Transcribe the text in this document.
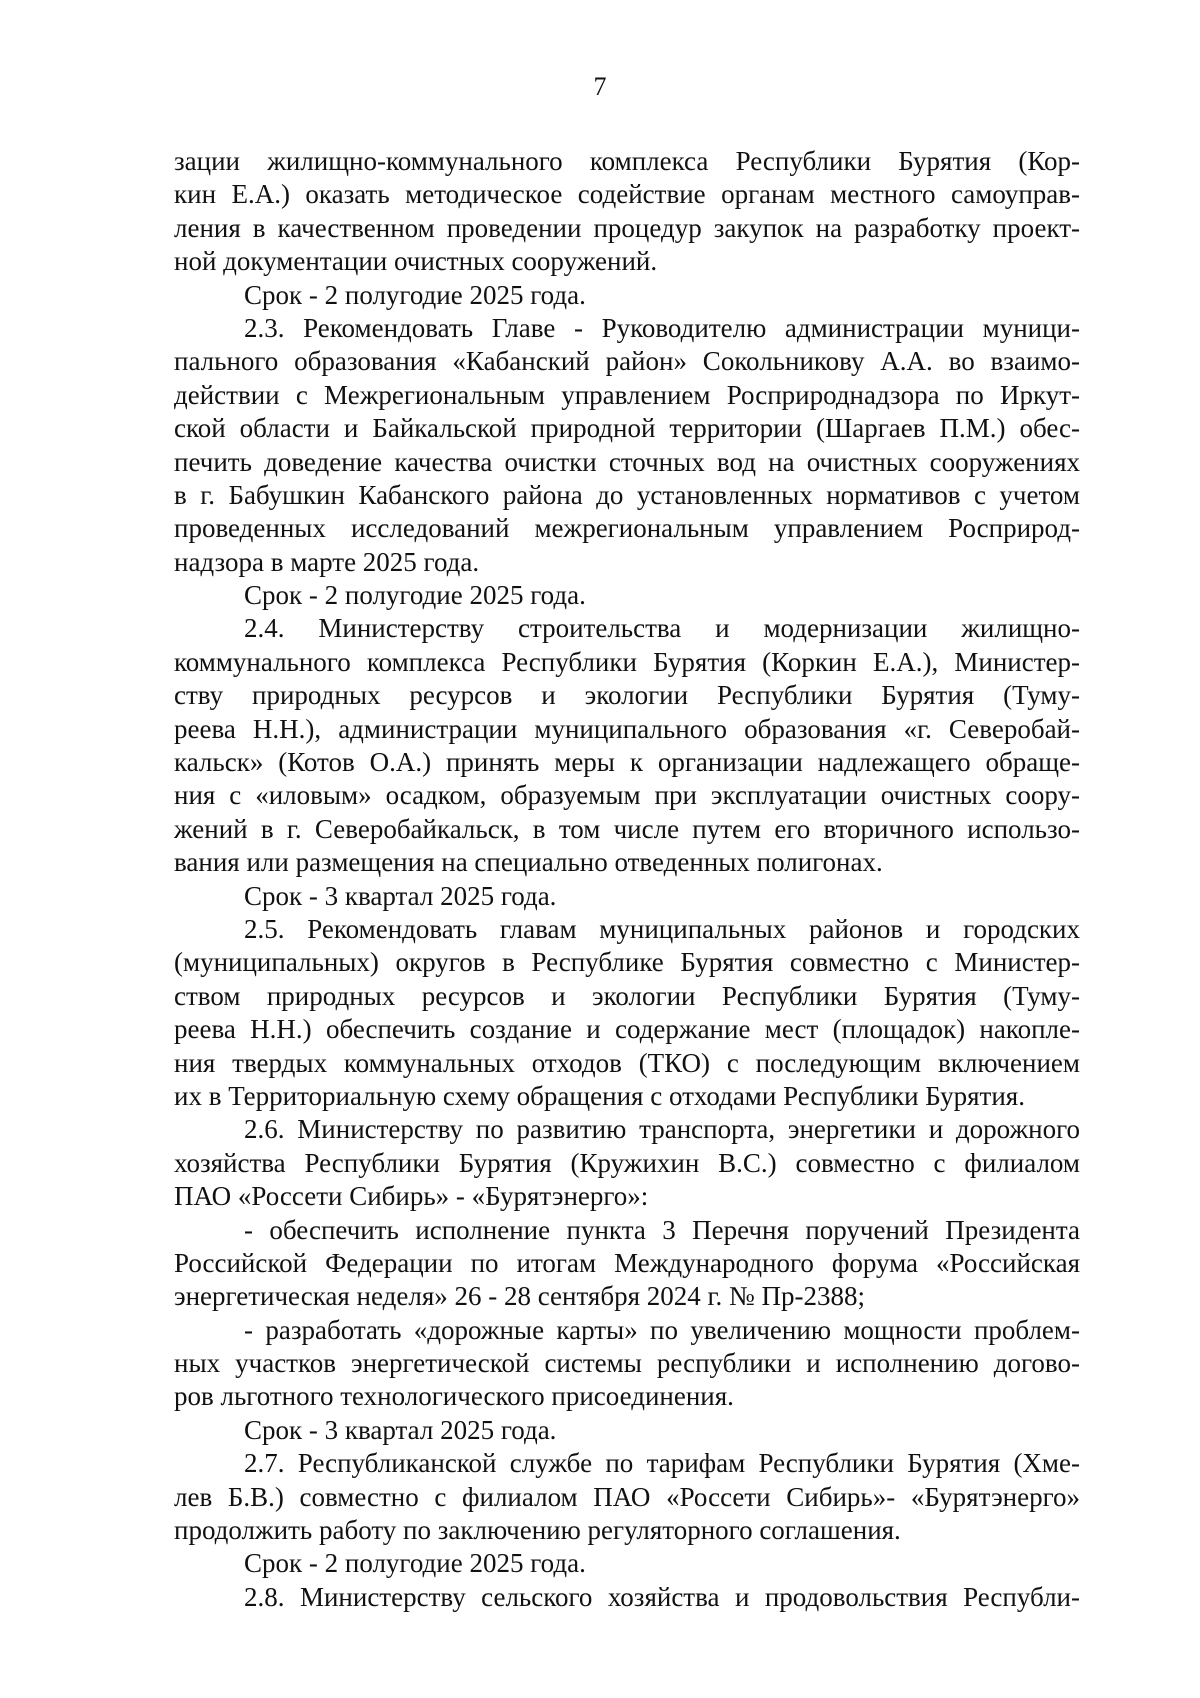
7
зации жилищно-коммунального комплекса Республики Бурятия (Кор-
кин Е.А.) оказать методическое содействие органам местного самоуправ-
ления в качественном проведении процедур закупок на разработку проект-
ной документации очистных сооружений.
Срок - 2 полугодие 2025 года.
2.3. Рекомендовать Главе - Руководителю администрации муници-
пального образования «Кабанский район» Сокольникову А.А. во взаимо-
действии с Межрегиональным управлением Росприроднадзора по Иркут-
ской области и Байкальской природной территории (Шаргаев П.М.) обес-
печить доведение качества очистки сточных вод на очистных сооружениях
в г. Бабушкин Кабанского района до установленных нормативов с учетом
проведенных исследований межрегиональным управлением Росприрод-
надзора в марте 2025 года.
Срок - 2 полугодие 2025 года.
2.4. Министерству строительства и модернизации жилищно-
коммунального комплекса Республики Бурятия (Коркин Е.А.), Министер-
ству природных ресурсов и экологии Республики Бурятия (Туму-
реева Н.Н.), администрации муниципального образования «г. Северобай-
кальск» (Котов О.А.) принять меры к организации надлежащего обраще-
ния с «иловым» осадком, образуемым при эксплуатации очистных соору-
жений в г. Северобайкальск, в том числе путем его вторичного использо-
вания или размещения на специально отведенных полигонах.
Срок - 3 квартал 2025 года.
2.5. Рекомендовать главам муниципальных районов и городских
(муниципальных) округов в Республике Бурятия совместно с Министер-
ством природных ресурсов и экологии Республики Бурятия (Туму-
реева Н.Н.) обеспечить создание и содержание мест (площадок) накопле-
ния твердых коммунальных отходов (ТКО) с последующим включением
их в Территориальную схему обращения с отходами Республики Бурятия.
2.6. Министерству по развитию транспорта, энергетики и дорожного
хозяйства Республики Бурятия (Кружихин В.С.) совместно с филиалом
ПАО «Россети Сибирь» - «Бурятэнерго»:
- обеспечить исполнение пункта 3 Перечня поручений Президента
Российской Федерации по итогам Международного форума «Российская
энергетическая неделя» 26 - 28 сентября 2024 г. № Пр-2388;
- разработать «дорожные карты» по увеличению мощности проблем-
ных участков энергетической системы республики и исполнению догово-
ров льготного технологического присоединения.
Срок - 3 квартал 2025 года.
2.7. Республиканской службе по тарифам Республики Бурятия (Хме-
лев Б.В.) совместно с филиалом ПАО «Россети Сибирь»- «Бурятэнерго»
продолжить работу по заключению регуляторного соглашения.
Срок - 2 полугодие 2025 года.
2.8. Министерству сельского хозяйства и продовольствия Республи-
